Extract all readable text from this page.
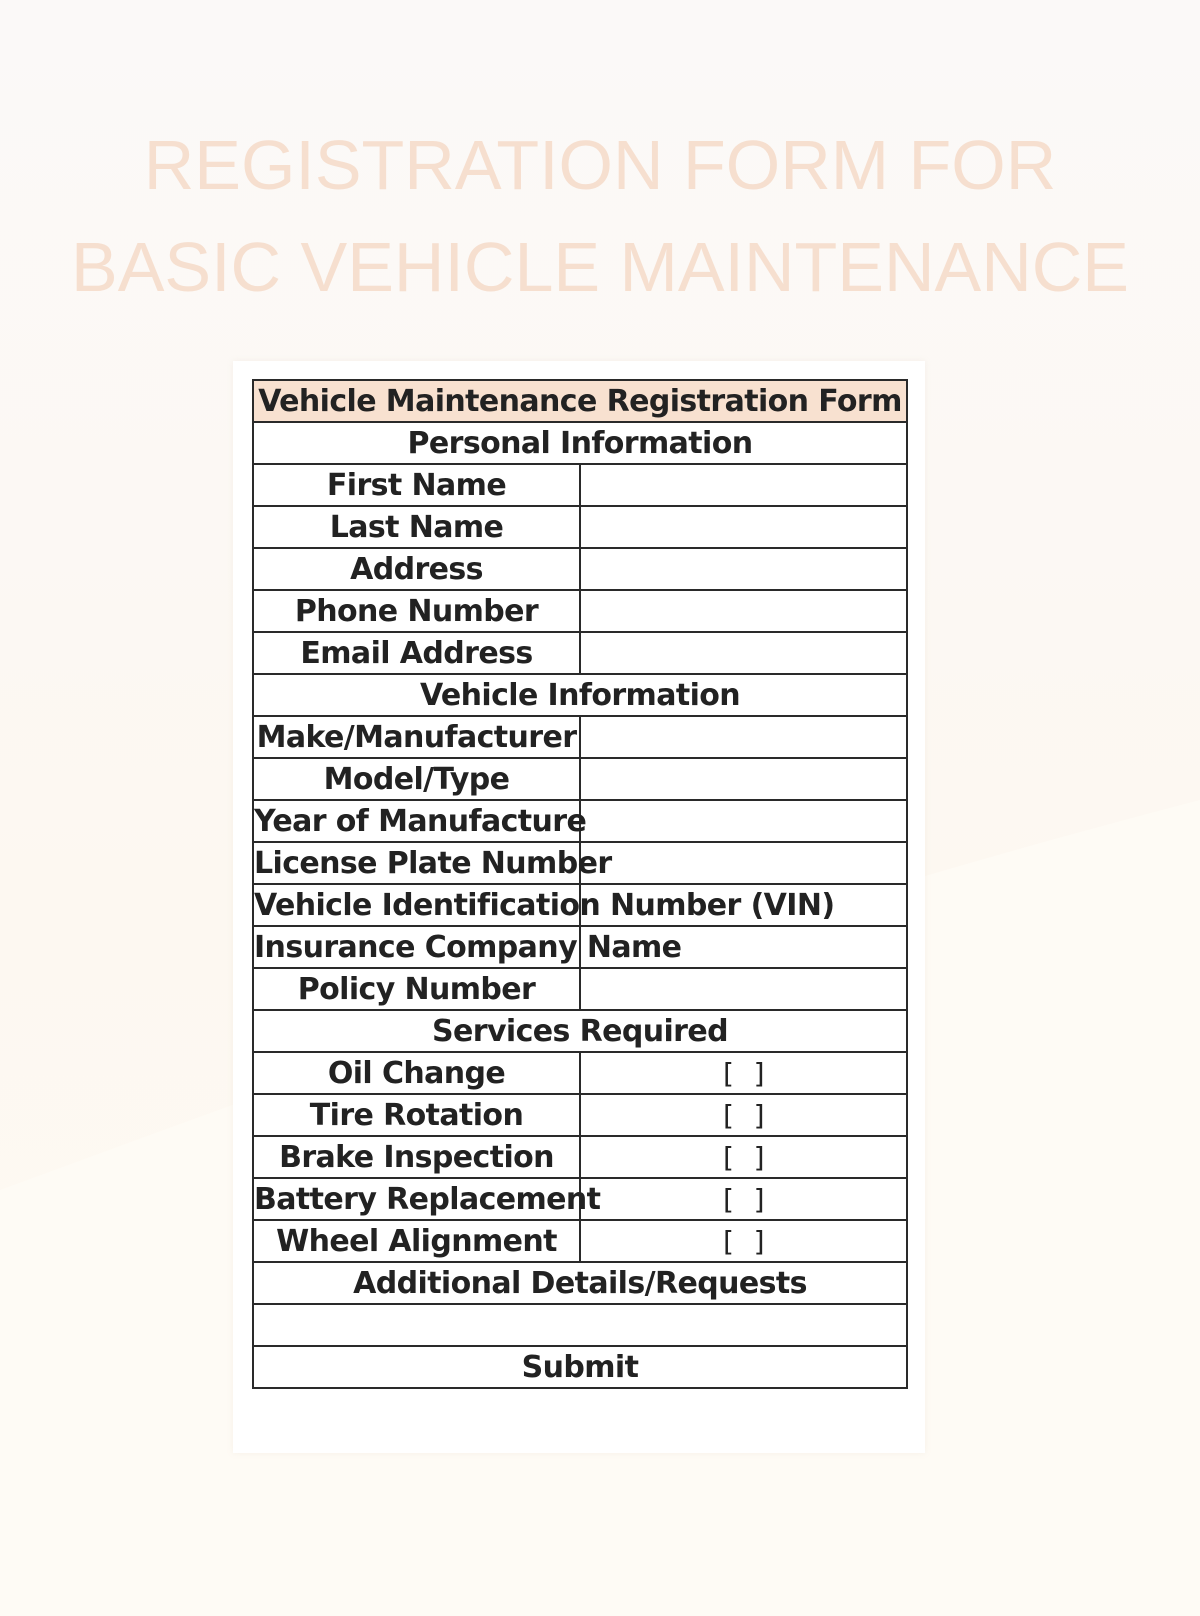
REGISTRATION FORM FOR
BASIC VEHICLE MAINTENANCE
Vehicle Maintenance Registration Form	
Personal Information	
First Name	
Last Name	
Address	
Phone Number	
Email Address	
Vehicle Information	
Make/Manufacturer	
Model/Type	
Year of Manufacture	
License Plate Number	
Vehicle Identification Number (VIN)	
Insurance Company Name	
Policy Number	
Services Required	
Oil Change	[ ]
Tire Rotation	[ ]
Brake Inspection	[ ]
Battery Replacement	[ ]
Wheel Alignment	[ ]
Additional Details/Requests	

Submit	
